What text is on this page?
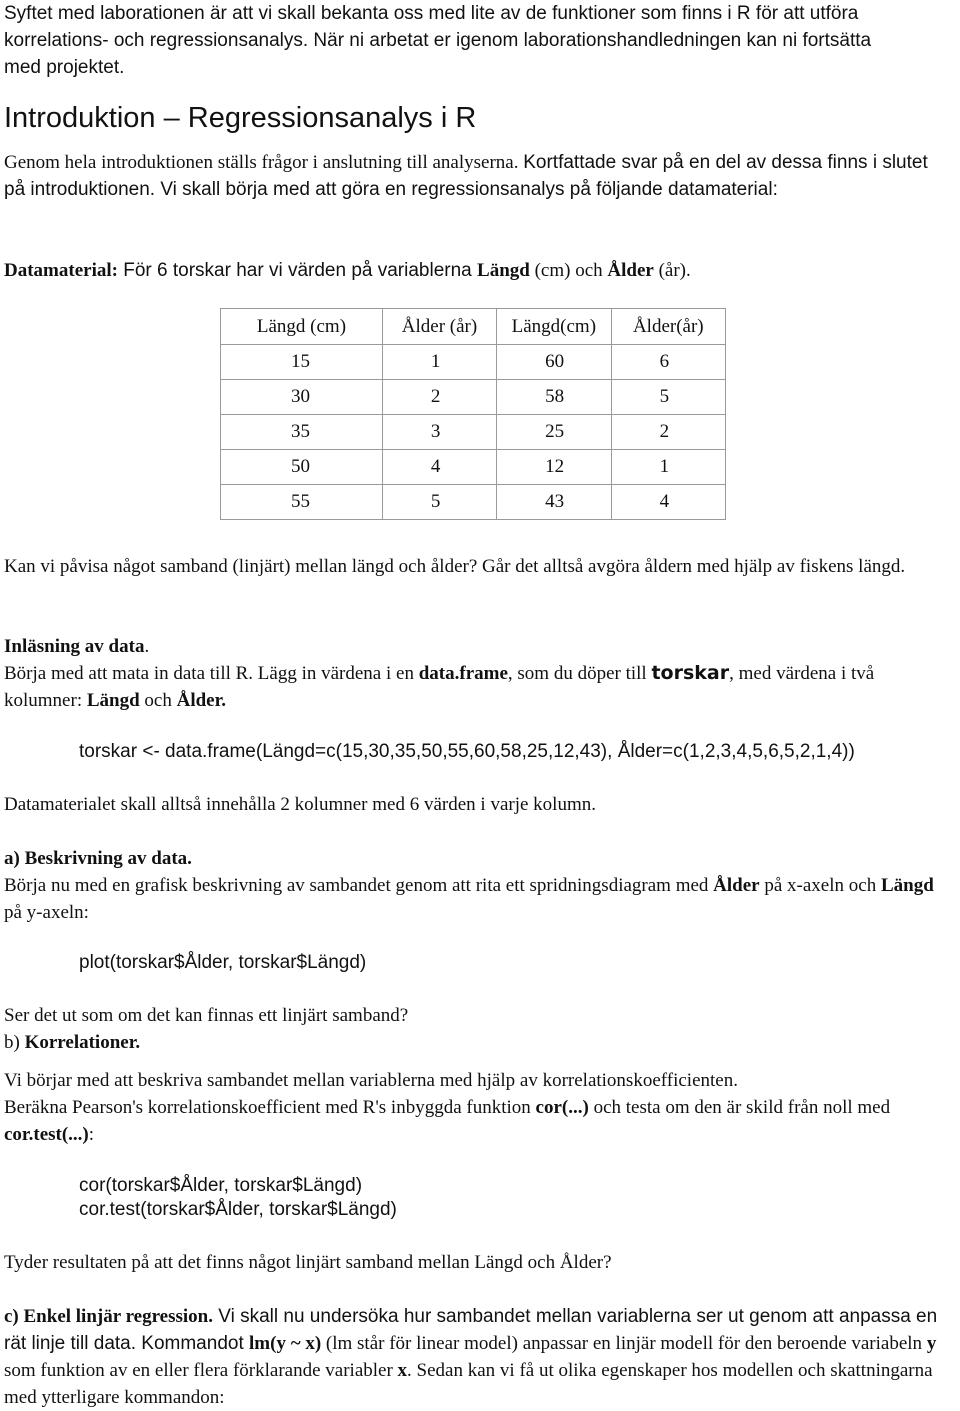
Syftet med laborationen är att vi skall bekanta oss med lite av de funktioner som finns i R för att utföra
korrelations- och regressionsanalys. När ni arbetat er igenom laborationshandledningen kan ni fortsätta
med projektet.
Introduktion – Regressionsanalys i R

Genom hela introduktionen ställs frågor i anslutning till analyserna. Kortfattade svar på en del av dessa finns i slutet på introduktionen. Vi skall börja med att göra en regressionsanalys på följande datamaterial:

Datamaterial: För 6 torskar har vi värden på variablerna Längd (cm) och Ålder (år).

Längd (cm)	Ålder (år)	Längd(cm)	Ålder(år)
15	1	60	6
30	2	58	5
35	3	25	2
50	4	12	1
55	5	43	4

Kan vi påvisa något samband (linjärt) mellan längd och ålder? Går det alltså avgöra åldern med hjälp av fiskens längd.

Inläsning av data.
Börja med att mata in data till R. Lägg in värdena i en data.frame, som du döper till torskar, med värdena i två kolumner: Längd och Ålder.

torskar <- data.frame(Längd=c(15,30,35,50,55,60,58,25,12,43), Ålder=c(1,2,3,4,5,6,5,2,1,4))

Datamaterialet skall alltså innehålla 2 kolumner med 6 värden i varje kolumn.

a) Beskrivning av data.
Börja nu med en grafisk beskrivning av sambandet genom att rita ett spridningsdiagram med Ålder på x-axeln och Längd på y-axeln:

plot(torskar$Ålder, torskar$Längd)

Ser det ut som om det kan finnas ett linjärt samband?
b) Korrelationer.

Vi börjar med att beskriva sambandet mellan variablerna med hjälp av korrelationskoefficienten.
Beräkna Pearson's korrelationskoefficient med R's inbyggda funktion cor(...) och testa om den är skild från noll med cor.test(...):

cor(torskar$Ålder, torskar$Längd)
cor.test(torskar$Ålder, torskar$Längd)

Tyder resultaten på att det finns något linjärt samband mellan Längd och Ålder?

c) Enkel linjär regression. Vi skall nu undersöka hur sambandet mellan variablerna ser ut genom att anpassa en rät linje till data. Kommandot lm(y ~ x) (lm står för linear model) anpassar en linjär modell för den beroende variabeln y som funktion av en eller flera förklarande variabler x. Sedan kan vi få ut olika egenskaper hos modellen och skattningarna med ytterligare kommandon:
